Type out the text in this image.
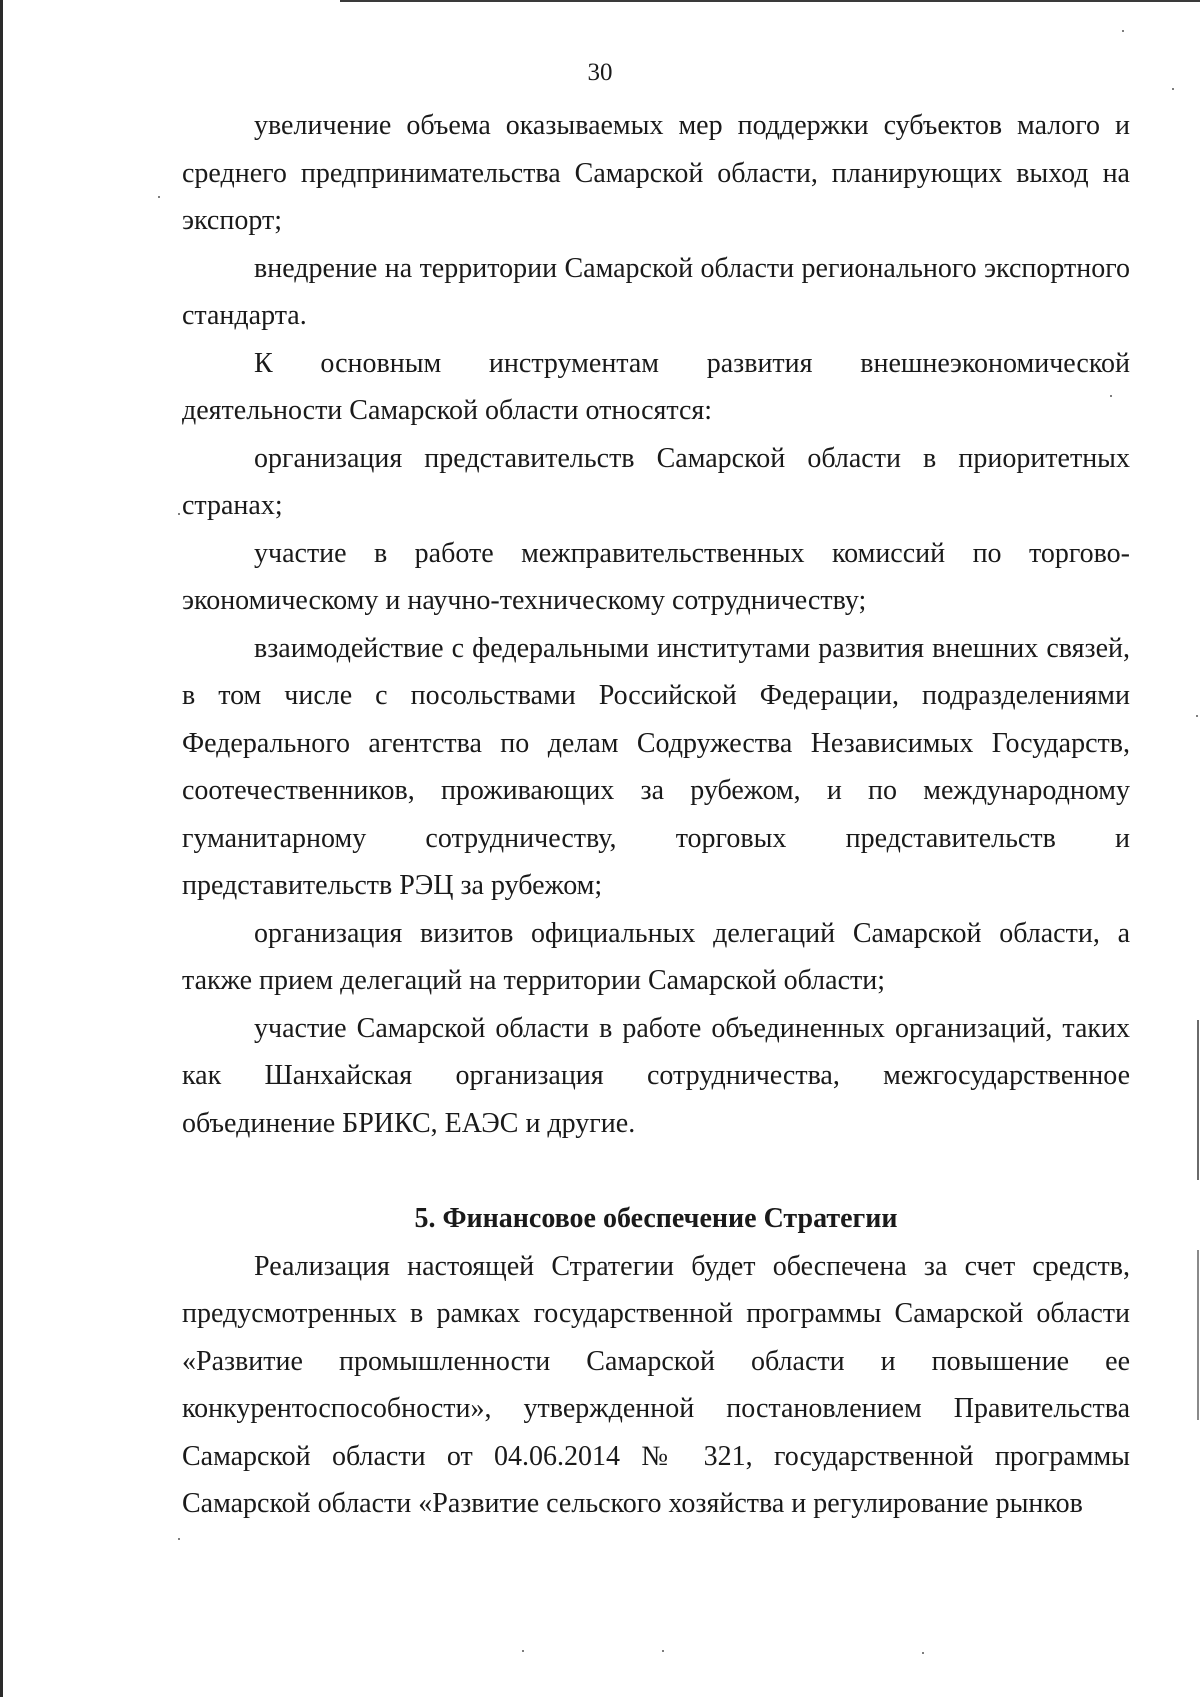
30

увеличение объема оказываемых мер поддержки субъектов малого и среднего предпринимательства Самарской области, планирующих выход на экспорт;

внедрение на территории Самарской области регионального экспортного стандарта.

К основным инструментам развития внешнеэкономической деятельности Самарской области относятся:

организация представительств Самарской области в приоритетных странах;

участие в работе межправительственных комиссий по торгово-экономическому и научно-техническому сотрудничеству;

взаимодействие с федеральными институтами развития внешних связей, в том числе с посольствами Российской Федерации, подразделениями Федерального агентства по делам Содружества Независимых Государств, соотечественников, проживающих за рубежом, и по международному гуманитарному сотрудничеству, торговых представительств и представительств РЭЦ за рубежом;

организация визитов официальных делегаций Самарской области, а также прием делегаций на территории Самарской области;

участие Самарской области в работе объединенных организаций, таких как Шанхайская организация сотрудничества, межгосударственное объединение БРИКС, ЕАЭС и другие.

5. Финансовое обеспечение Стратегии

Реализация настоящей Стратегии будет обеспечена за счет средств, предусмотренных в рамках государственной программы Самарской области «Развитие промышленности Самарской области и повышение ее конкурентоспособности», утвержденной постановлением Правительства Самарской области от 04.06.2014 № 321, государственной программы Самарской области «Развитие сельского хозяйства и регулирование рынков
